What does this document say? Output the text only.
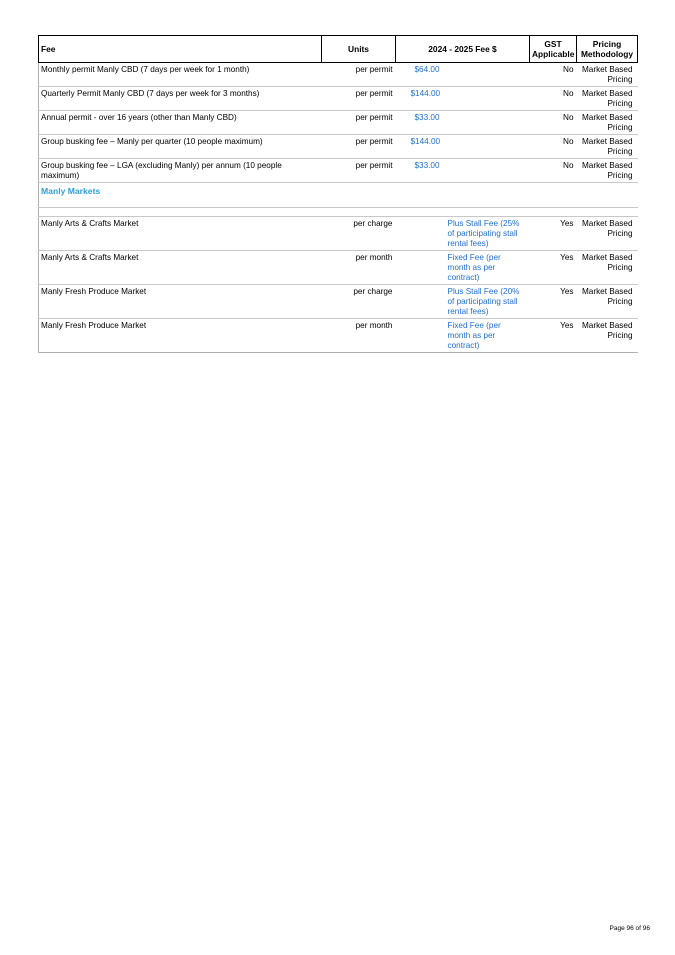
Fee	Units	2024 - 2025 Fee $	GST Applicable	Pricing Methodology
Monthly permit Manly CBD (7 days per week for 1 month)	per permit	$64.00	No	Market Based Pricing
Quarterly Permit Manly CBD (7 days per week for 3 months)	per permit	$144.00	No	Market Based Pricing
Annual permit - over 16 years (other than Manly CBD)	per permit	$33.00	No	Market Based Pricing
Group busking fee – Manly per quarter (10 people maximum)	per permit	$144.00	No	Market Based Pricing
Group busking fee – LGA (excluding Manly) per annum (10 people maximum)	per permit	$33.00	No	Market Based Pricing
Manly Markets				

Manly Arts & Crafts Market	per charge	Plus Stall Fee (25% of participating stall rental fees)	Yes	Market Based Pricing
Manly Arts & Crafts Market	per month	Fixed Fee (per month as per contract)	Yes	Market Based Pricing
Manly Fresh Produce Market	per charge	Plus Stall Fee (20% of participating stall rental fees)	Yes	Market Based Pricing
Manly Fresh Produce Market	per month	Fixed Fee (per month as per contract)	Yes	Market Based Pricing
Page 96 of 96
